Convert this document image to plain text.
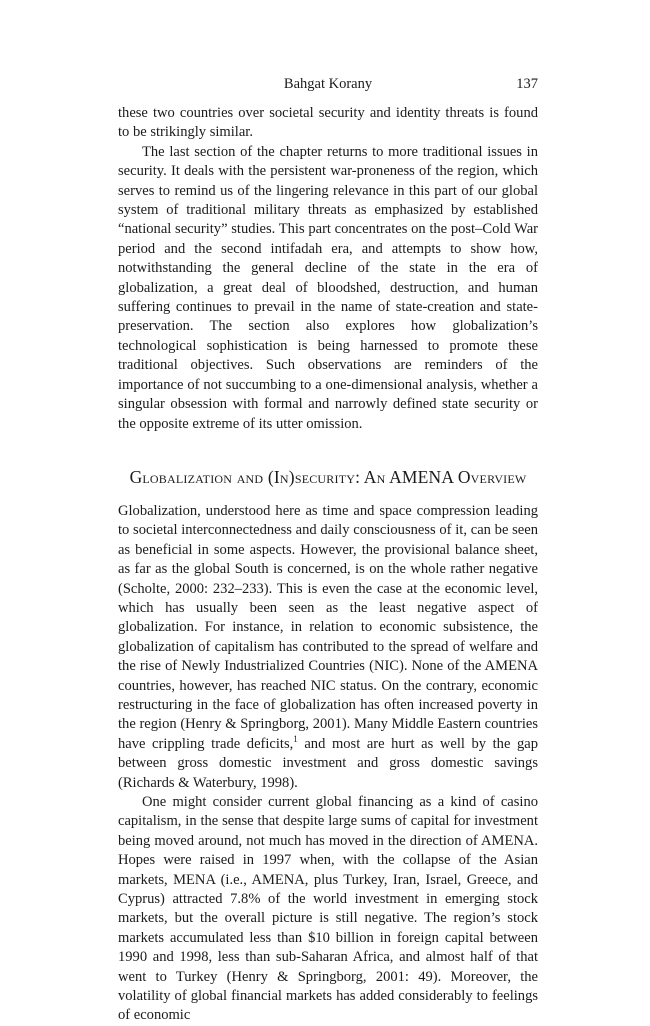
Bahgat Korany	137

these two countries over societal security and identity threats is found to be strikingly similar.

The last section of the chapter returns to more traditional issues in security. It deals with the persistent war-proneness of the region, which serves to remind us of the lingering relevance in this part of our global system of traditional military threats as emphasized by established “national security” studies. This part concentrates on the post–Cold War period and the second intifadah era, and attempts to show how, notwithstanding the general decline of the state in the era of globalization, a great deal of bloodshed, destruction, and human suffering continues to prevail in the name of state-creation and state-preservation. The section also explores how globalization’s technological sophistication is being harnessed to promote these traditional objectives. Such observations are reminders of the importance of not succumbing to a one-dimensional analysis, whether a singular obsession with formal and narrowly defined state security or the opposite extreme of its utter omission.

Globalization and (In)security: An AMENA Overview

Globalization, understood here as time and space compression leading to societal interconnectedness and daily consciousness of it, can be seen as beneficial in some aspects. However, the provisional balance sheet, as far as the global South is concerned, is on the whole rather negative (Scholte, 2000: 232–233). This is even the case at the economic level, which has usually been seen as the least negative aspect of globalization. For instance, in relation to economic subsistence, the globalization of capitalism has contributed to the spread of welfare and the rise of Newly Industrialized Countries (NIC). None of the AMENA countries, however, has reached NIC status. On the contrary, economic restructuring in the face of globalization has often increased poverty in the region (Henry & Springborg, 2001). Many Middle Eastern countries have crippling trade deficits,$^1$ and most are hurt as well by the gap between gross domestic investment and gross domestic savings (Richards & Waterbury, 1998).

One might consider current global financing as a kind of casino capitalism, in the sense that despite large sums of capital for investment being moved around, not much has moved in the direction of AMENA. Hopes were raised in 1997 when, with the collapse of the Asian markets, MENA (i.e., AMENA, plus Turkey, Iran, Israel, Greece, and Cyprus) attracted 7.8% of the world investment in emerging stock markets, but the overall picture is still negative. The region’s stock markets accumulated less than $10 billion in foreign capital between 1990 and 1998, less than sub-Saharan Africa, and almost half of that went to Turkey (Henry & Springborg, 2001: 49). Moreover, the volatility of global financial markets has added considerably to feelings of economic
